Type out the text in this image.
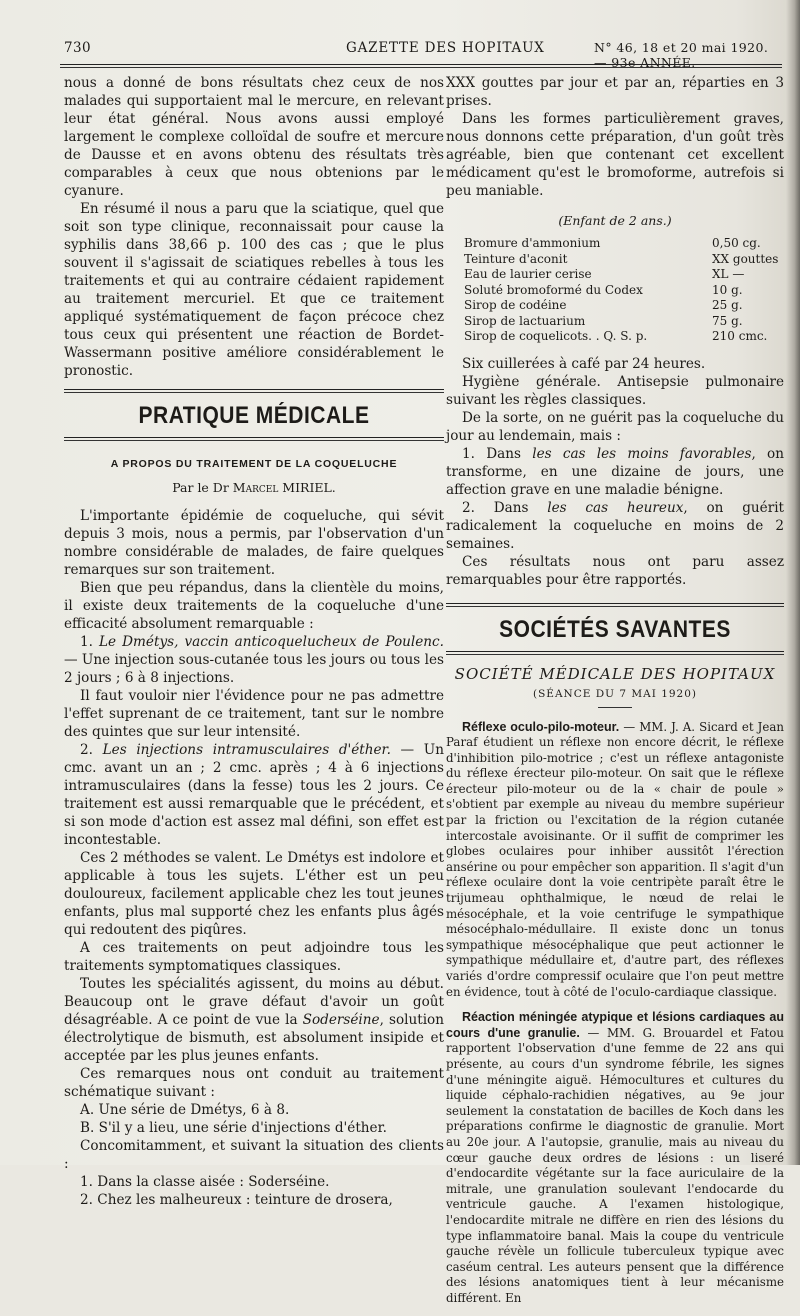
730	GAZETTE DES HOPITAUX	N° 46, 18 et 20 mai 1920. — 93e ANNÉE.

nous a donné de bons résultats chez ceux de nos malades qui supportaient mal le mercure, en relevant leur état général. Nous avons aussi employé largement le complexe colloïdal de soufre et mercure de Dausse et en avons obtenu des résultats très comparables à ceux que nous obtenions par le cyanure.

En résumé il nous a paru que la sciatique, quel que soit son type clinique, reconnaissait pour cause la syphilis dans 38,66 p. 100 des cas ; que le plus souvent il s'agissait de sciatiques rebelles à tous les traitements et qui au contraire cédaient rapidement au traitement mercuriel. Et que ce traitement appliqué systématiquement de façon précoce chez tous ceux qui présentent une réaction de Bordet-Wassermann positive améliore considérablement le pronostic.

PRATIQUE MÉDICALE
A PROPOS DU TRAITEMENT DE LA COQUELUCHE
Par le Dr Marcel MIRIEL.

L'importante épidémie de coqueluche, qui sévit depuis 3 mois, nous a permis, par l'observation d'un nombre considérable de malades, de faire quelques remarques sur son traitement.

Bien que peu répandus, dans la clientèle du moins, il existe deux traitements de la coqueluche d'une efficacité absolument remarquable :

1. Le Dmétys, vaccin anticoquelucheux de Poulenc. — Une injection sous-cutanée tous les jours ou tous les 2 jours ; 6 à 8 injections.

Il faut vouloir nier l'évidence pour ne pas admettre l'effet suprenant de ce traitement, tant sur le nombre des quintes que sur leur intensité.

2. Les injections intramusculaires d'éther. — Un cmc. avant un an ; 2 cmc. après ; 4 à 6 injections intramusculaires (dans la fesse) tous les 2 jours. Ce traitement est aussi remarquable que le précédent, et si son mode d'action est assez mal défini, son effet est incontestable.

Ces 2 méthodes se valent. Le Dmétys est indolore et applicable à tous les sujets. L'éther est un peu douloureux, facilement applicable chez les tout jeunes enfants, plus mal supporté chez les enfants plus âgés qui redoutent des piqûres.

A ces traitements on peut adjoindre tous les traitements symptomatiques classiques.

Toutes les spécialités agissent, du moins au début. Beaucoup ont le grave défaut d'avoir un goût désagréable. A ce point de vue la Soderséine, solution électrolytique de bismuth, est absolument insipide et acceptée par les plus jeunes enfants.

Ces remarques nous ont conduit au traitement schématique suivant :

A. Une série de Dmétys, 6 à 8.

B. S'il y a lieu, une série d'injections d'éther.

Concomitamment, et suivant la situation des clients :

1. Dans la classe aisée : Soderséine.

2. Chez les malheureux : teinture de drosera,

XXX gouttes par jour et par an, réparties en 3 prises.

Dans les formes particulièrement graves, nous donnons cette préparation, d'un goût très agréable, bien que contenant cet excellent médicament qu'est le bromoforme, autrefois si peu maniable.

(Enfant de 2 ans.)
Bromure d'ammonium	0,50 cg.
Teinture d'aconit	XX gouttes
Eau de laurier cerise	XL —
Soluté bromoformé du Codex	10 g.
Sirop de codéine	25 g.
Sirop de lactuarium	75 g.
Sirop de coquelicots. . Q. S. p.	210 cmc.

Six cuillerées à café par 24 heures.

Hygiène générale. Antisepsie pulmonaire suivant les règles classiques.

De la sorte, on ne guérit pas la coqueluche du jour au lendemain, mais :

1. Dans les cas les moins favorables, on transforme, en une dizaine de jours, une affection grave en une maladie bénigne.

2. Dans les cas heureux, on guérit radicalement la coqueluche en moins de 2 semaines.

Ces résultats nous ont paru assez remarquables pour être rapportés.

SOCIÉTÉS SAVANTES
SOCIÉTÉ MÉDICALE DES HOPITAUX
(SÉANCE DU 7 MAI 1920)

Réflexe oculo-pilo-moteur. — MM. J. A. Sicard et Jean Paraf étudient un réflexe non encore décrit, le réflexe d'inhibition pilo-motrice ; c'est un réflexe antagoniste du réflexe érecteur pilo-moteur. On sait que le réflexe érecteur pilo-moteur ou de la « chair de poule » s'obtient par exemple au niveau du membre supérieur par la friction ou l'excitation de la région cutanée intercostale avoisinante. Or il suffit de comprimer les globes oculaires pour inhiber aussitôt l'érection ansérine ou pour empêcher son apparition. Il s'agit d'un réflexe oculaire dont la voie centripète paraît être le trijumeau ophthalmique, le nœud de relai le mésocéphale, et la voie centrifuge le sympathique mésocéphalo-médullaire. Il existe donc un tonus sympathique mésocéphalique que peut actionner le sympathique médullaire et, d'autre part, des réflexes variés d'ordre compressif oculaire que l'on peut mettre en évidence, tout à côté de l'oculo-cardiaque classique.

Réaction méningée atypique et lésions cardiaques au cours d'une granulie. — MM. G. Brouardel et Fatou rapportent l'observation d'une femme de 22 ans qui présente, au cours d'un syndrome fébrile, les signes d'une méningite aiguë. Hémocultures et cultures du liquide céphalo-rachidien négatives, au 9e jour seulement la constatation de bacilles de Koch dans les préparations confirme le diagnostic de granulie. Mort au 20e jour. A l'autopsie, granulie, mais au niveau du cœur gauche deux ordres de lésions : un liseré d'endocardite végétante sur la face auriculaire de la mitrale, une granulation soulevant l'endocarde du ventricule gauche. A l'examen histologique, l'endocardite mitrale ne diffère en rien des lésions du type inflammatoire banal. Mais la coupe du ventricule gauche révèle un follicule tuberculeux typique avec caséum central. Les auteurs pensent que la différence des lésions anatomiques tient à leur mécanisme différent. En
